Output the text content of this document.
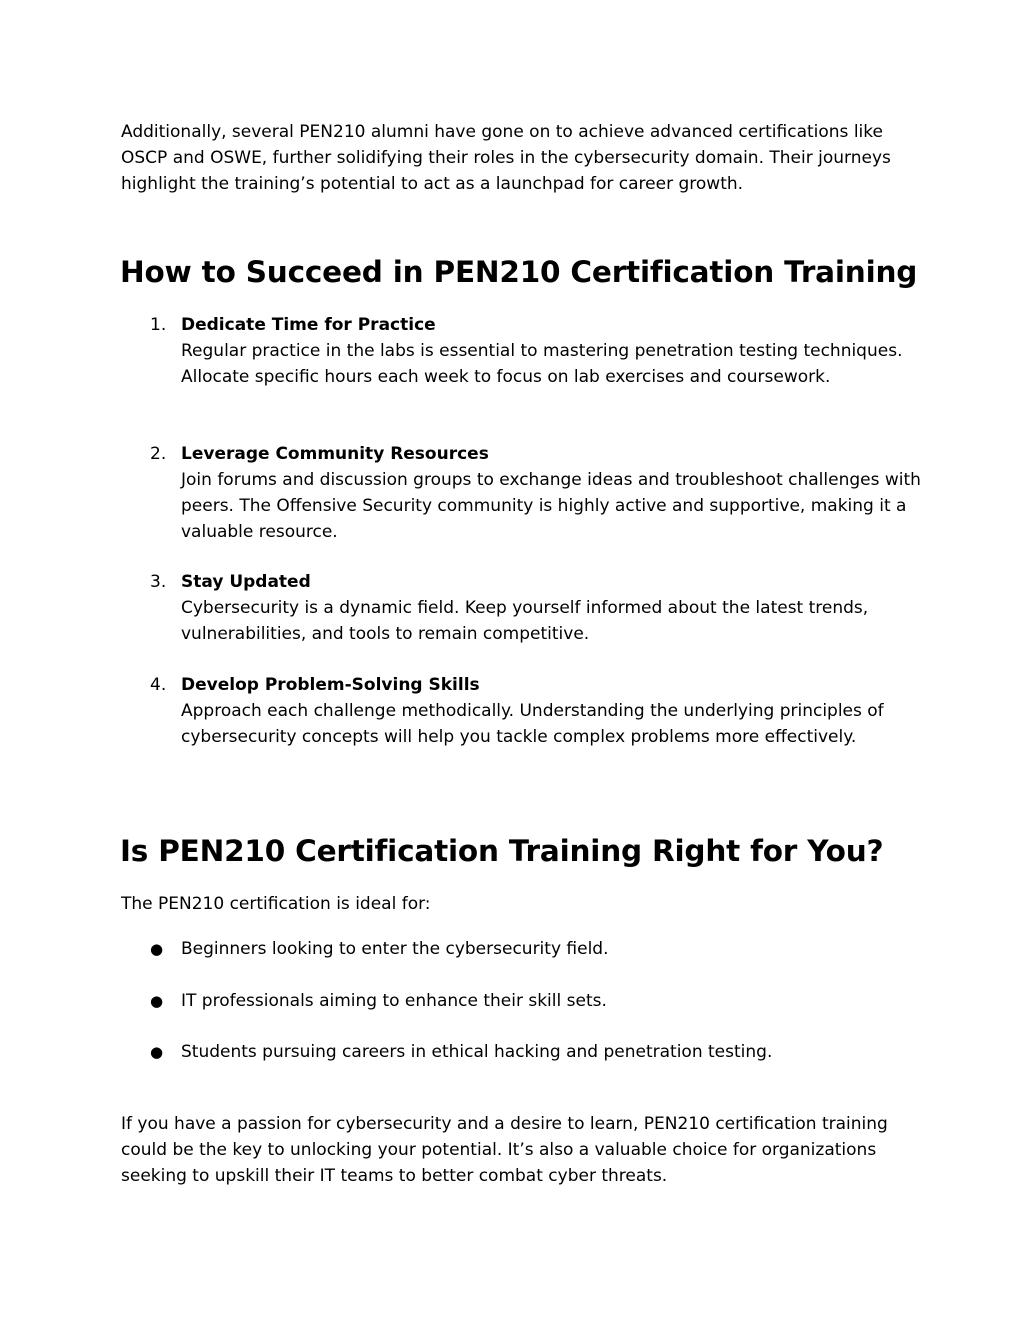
Additionally, several PEN210 alumni have gone on to achieve advanced certifications like OSCP and OSWE, further solidifying their roles in the cybersecurity domain. Their journeys highlight the training’s potential to act as a launchpad for career growth.

How to Succeed in PEN210 Certification Training
1. Dedicate Time for Practice
Regular practice in the labs is essential to mastering penetration testing techniques. Allocate specific hours each week to focus on lab exercises and coursework.
2. Leverage Community Resources
Join forums and discussion groups to exchange ideas and troubleshoot challenges with peers. The Offensive Security community is highly active and supportive, making it a valuable resource.
3. Stay Updated
Cybersecurity is a dynamic field. Keep yourself informed about the latest trends, vulnerabilities, and tools to remain competitive.
4. Develop Problem-Solving Skills
Approach each challenge methodically. Understanding the underlying principles of cybersecurity concepts will help you tackle complex problems more effectively.
Is PEN210 Certification Training Right for You?

The PEN210 certification is ideal for:

● Beginners looking to enter the cybersecurity field.
● IT professionals aiming to enhance their skill sets.
● Students pursuing careers in ethical hacking and penetration testing.

If you have a passion for cybersecurity and a desire to learn, PEN210 certification training could be the key to unlocking your potential. It’s also a valuable choice for organizations seeking to upskill their IT teams to better combat cyber threats.
